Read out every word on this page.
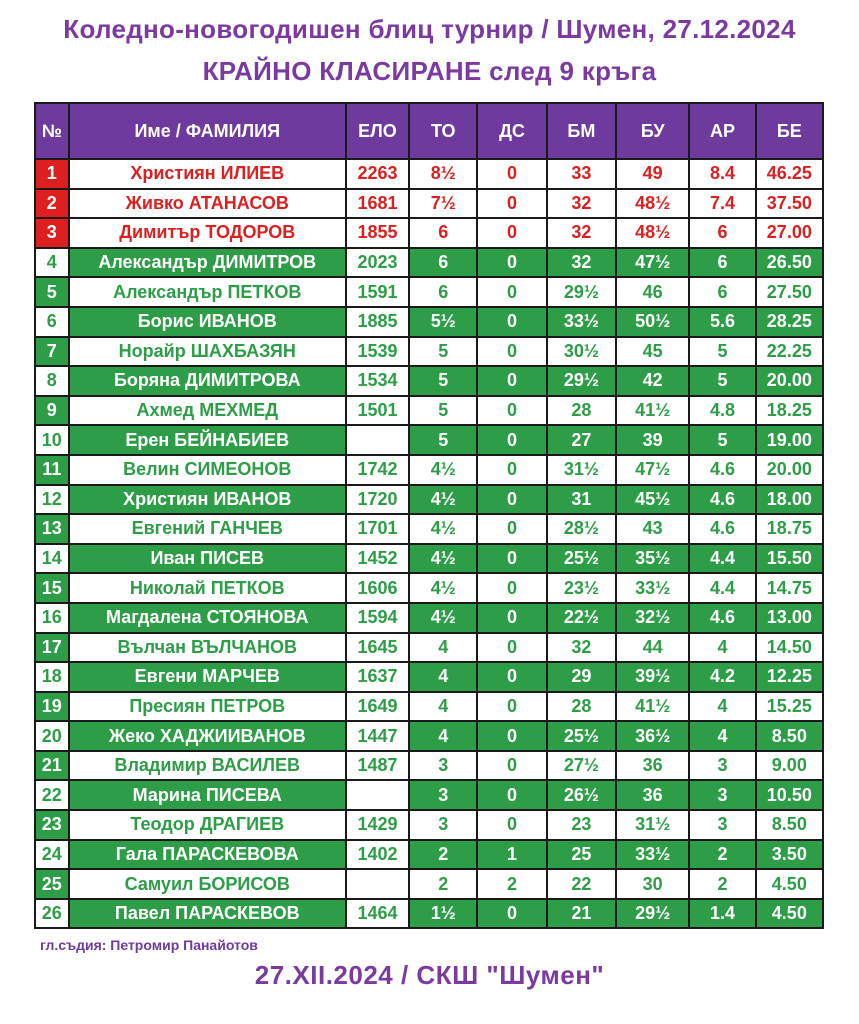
Коледно-новогодишен блиц турнир / Шумен, 27.12.2024
КРАЙНО КЛАСИРАНЕ след 9 кръга
№	Име / ФАМИЛИЯ	ЕЛО	ТО	ДС	БМ	БУ	АР	БЕ
1	Християн ИЛИЕВ	2263	8½	0	33	49	8.4	46.25
2	Живко АТАНАСОВ	1681	7½	0	32	48½	7.4	37.50
3	Димитър ТОДОРОВ	1855	6	0	32	48½	6	27.00
4	Александър ДИМИТРОВ	2023	6	0	32	47½	6	26.50
5	Александър ПЕТКОВ	1591	6	0	29½	46	6	27.50
6	Борис ИВАНОВ	1885	5½	0	33½	50½	5.6	28.25
7	Норайр ШАХБАЗЯН	1539	5	0	30½	45	5	22.25
8	Боряна ДИМИТРОВА	1534	5	0	29½	42	5	20.00
9	Ахмед МЕХМЕД	1501	5	0	28	41½	4.8	18.25
10	Ерен БЕЙНАБИЕВ		5	0	27	39	5	19.00
11	Велин СИМЕОНОВ	1742	4½	0	31½	47½	4.6	20.00
12	Християн ИВАНОВ	1720	4½	0	31	45½	4.6	18.00
13	Евгений ГАНЧЕВ	1701	4½	0	28½	43	4.6	18.75
14	Иван ПИСЕВ	1452	4½	0	25½	35½	4.4	15.50
15	Николай ПЕТКОВ	1606	4½	0	23½	33½	4.4	14.75
16	Магдалена СТОЯНОВА	1594	4½	0	22½	32½	4.6	13.00
17	Вълчан ВЪЛЧАНОВ	1645	4	0	32	44	4	14.50
18	Евгени МАРЧЕВ	1637	4	0	29	39½	4.2	12.25
19	Пресиян ПЕТРОВ	1649	4	0	28	41½	4	15.25
20	Жеко ХАДЖИИВАНОВ	1447	4	0	25½	36½	4	8.50
21	Владимир ВАСИЛЕВ	1487	3	0	27½	36	3	9.00
22	Марина ПИСЕВА		3	0	26½	36	3	10.50
23	Теодор ДРАГИЕВ	1429	3	0	23	31½	3	8.50
24	Гала ПАРАСКЕВОВА	1402	2	1	25	33½	2	3.50
25	Самуил БОРИСОВ		2	2	22	30	2	4.50
26	Павел ПАРАСКЕВОВ	1464	1½	0	21	29½	1.4	4.50
гл.съдия: Петромир Панайотов
27.XII.2024 / СКШ "Шумен"
